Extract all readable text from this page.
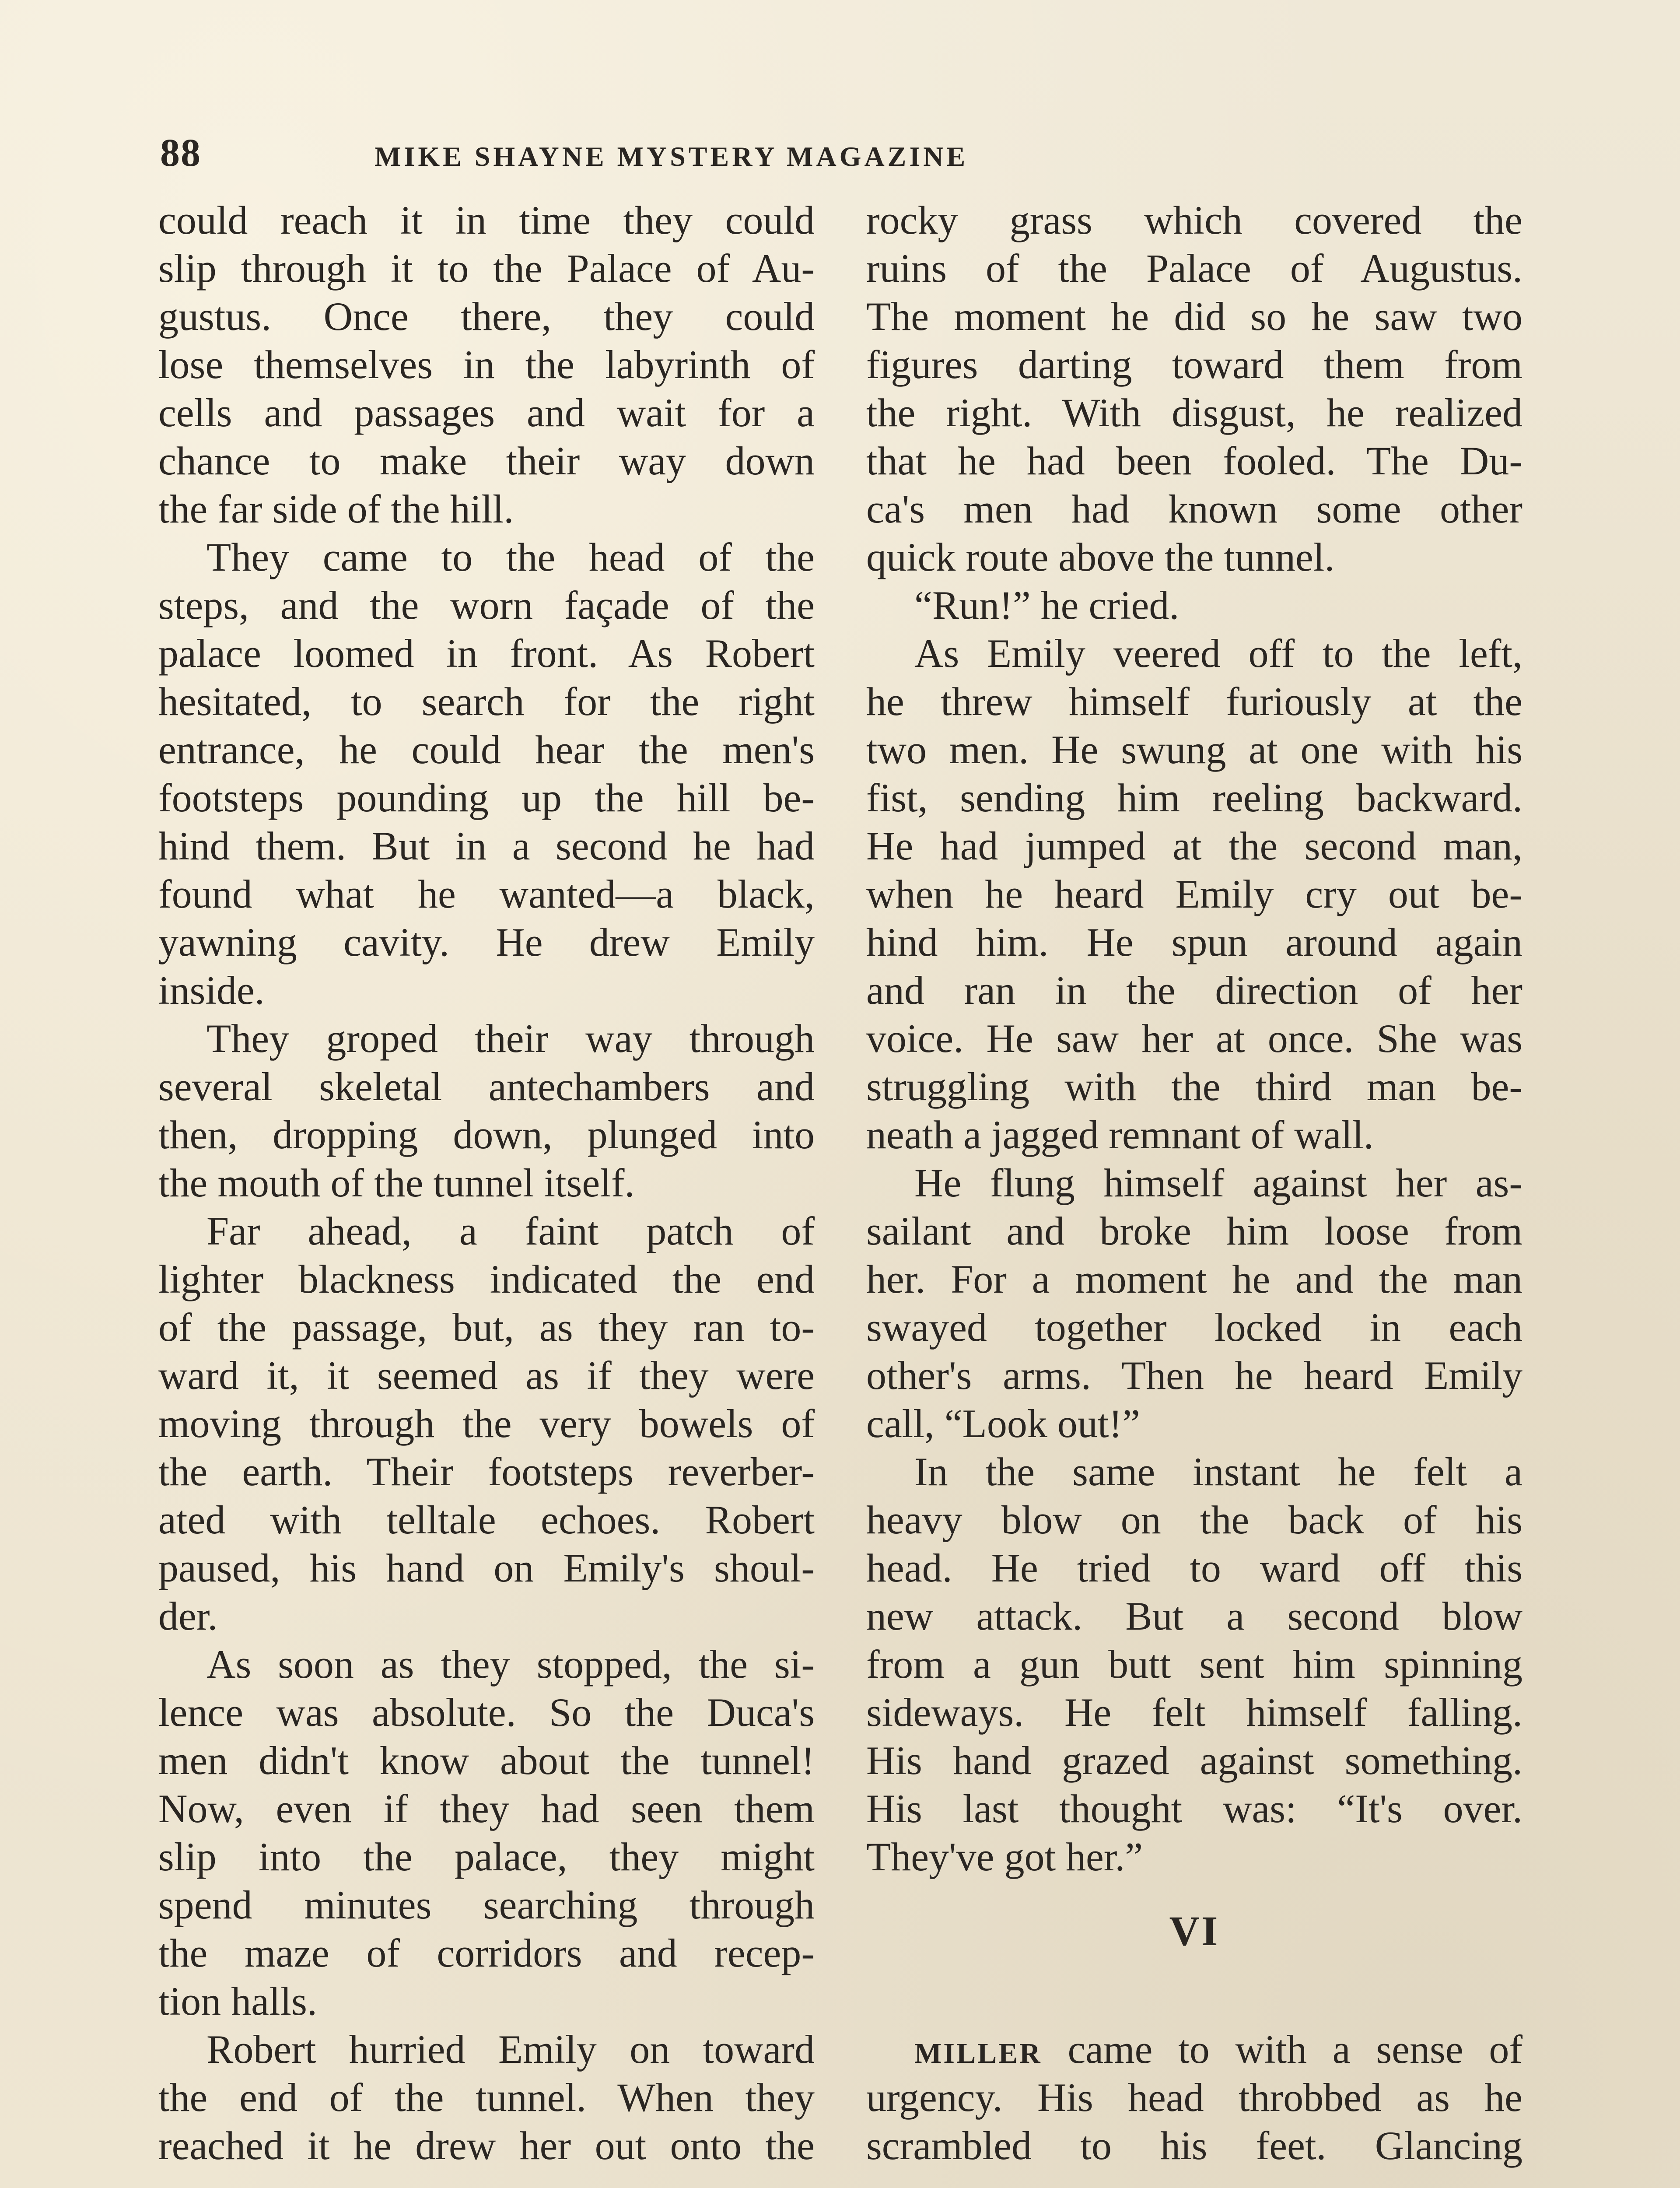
88	MIKE SHAYNE MYSTERY MAGAZINE
could reach it in time they could
slip through it to the Palace of Au-
gustus. Once there, they could
lose themselves in the labyrinth of
cells and passages and wait for a
chance to make their way down
the far side of the hill.
They came to the head of the
steps, and the worn façade of the
palace loomed in front. As Robert
hesitated, to search for the right
entrance, he could hear the men's
footsteps pounding up the hill be-
hind them. But in a second he had
found what he wanted—a black,
yawning cavity. He drew Emily
inside.
They groped their way through
several skeletal antechambers and
then, dropping down, plunged into
the mouth of the tunnel itself.
Far ahead, a faint patch of
lighter blackness indicated the end
of the passage, but, as they ran to-
ward it, it seemed as if they were
moving through the very bowels of
the earth. Their footsteps reverber-
ated with telltale echoes. Robert
paused, his hand on Emily's shoul-
der.
As soon as they stopped, the si-
lence was absolute. So the Duca's
men didn't know about the tunnel!
Now, even if they had seen them
slip into the palace, they might
spend minutes searching through
the maze of corridors and recep-
tion halls.
Robert hurried Emily on toward
the end of the tunnel. When they
reached it he drew her out onto the
rocky grass which covered the
ruins of the Palace of Augustus.
The moment he did so he saw two
figures darting toward them from
the right. With disgust, he realized
that he had been fooled. The Du-
ca's men had known some other
quick route above the tunnel.
“Run!” he cried.
As Emily veered off to the left,
he threw himself furiously at the
two men. He swung at one with his
fist, sending him reeling backward.
He had jumped at the second man,
when he heard Emily cry out be-
hind him. He spun around again
and ran in the direction of her
voice. He saw her at once. She was
struggling with the third man be-
neath a jagged remnant of wall.
He flung himself against her as-
sailant and broke him loose from
her. For a moment he and the man
swayed together locked in each
other's arms. Then he heard Emily
call, “Look out!”
In the same instant he felt a
heavy blow on the back of his
head. He tried to ward off this
new attack. But a second blow
from a gun butt sent him spinning
sideways. He felt himself falling.
His hand grazed against something.
His last thought was: “It's over.
They've got her.”
VI
MILLER came to with a sense of
urgency. His head throbbed as he
scrambled to his feet. Glancing
